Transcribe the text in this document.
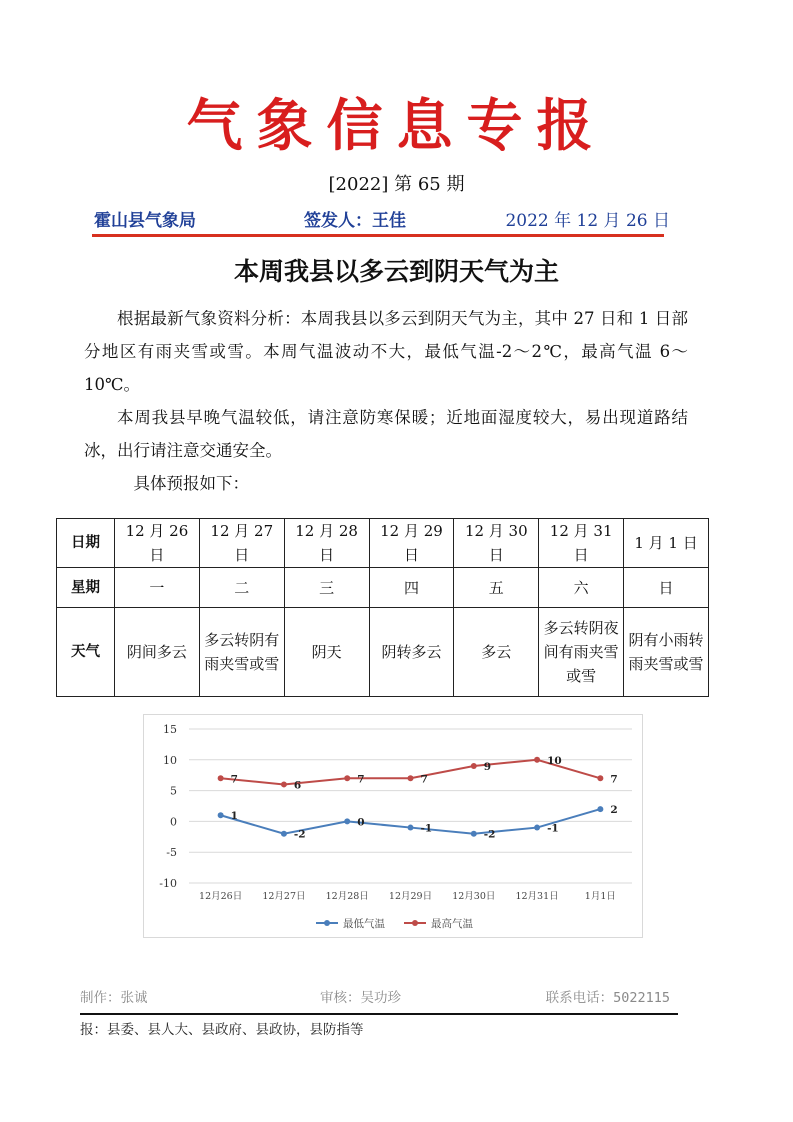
气象信息专报
[2022] 第 65 期
霍山县气象局	签发人：王佳	2022 年 12 月 26 日
本周我县以多云到阴天气为主

根据最新气象资料分析：本周我县以多云到阴天气为主，其中 27 日和 1 日部分地区有雨夹雪或雪。本周气温波动不大，最低气温-2～2℃，最高气温 6～10℃。

本周我县早晚气温较低，请注意防寒保暖；近地面湿度较大，易出现道路结冰，出行请注意交通安全。

具体预报如下：

日期	12 月 26 日	12 月 27 日	12 月 28 日	12 月 29 日	12 月 30 日	12 月 31 日	1 月 1 日
星期	一	二	三	四	五	六	日
天气	阴间多云	多云转阴有雨夹雪或雪	阴天	阴转多云	多云	多云转阴夜间有雨夹雪或雪	阴有小雨转雨夹雪或雪
15
10
5
0
-5
-10
12月26日 12月27日 12月28日 12月29日 12月30日 12月31日	1月1日
1
-2
0
-1
-2
-1
2
7
6
7	7
9
10
7
最低气温	最高气温
制作：张诚	审核：吴功珍	联系电话：5022115
报：县委、县人大、县政府、县政协，县防指等
